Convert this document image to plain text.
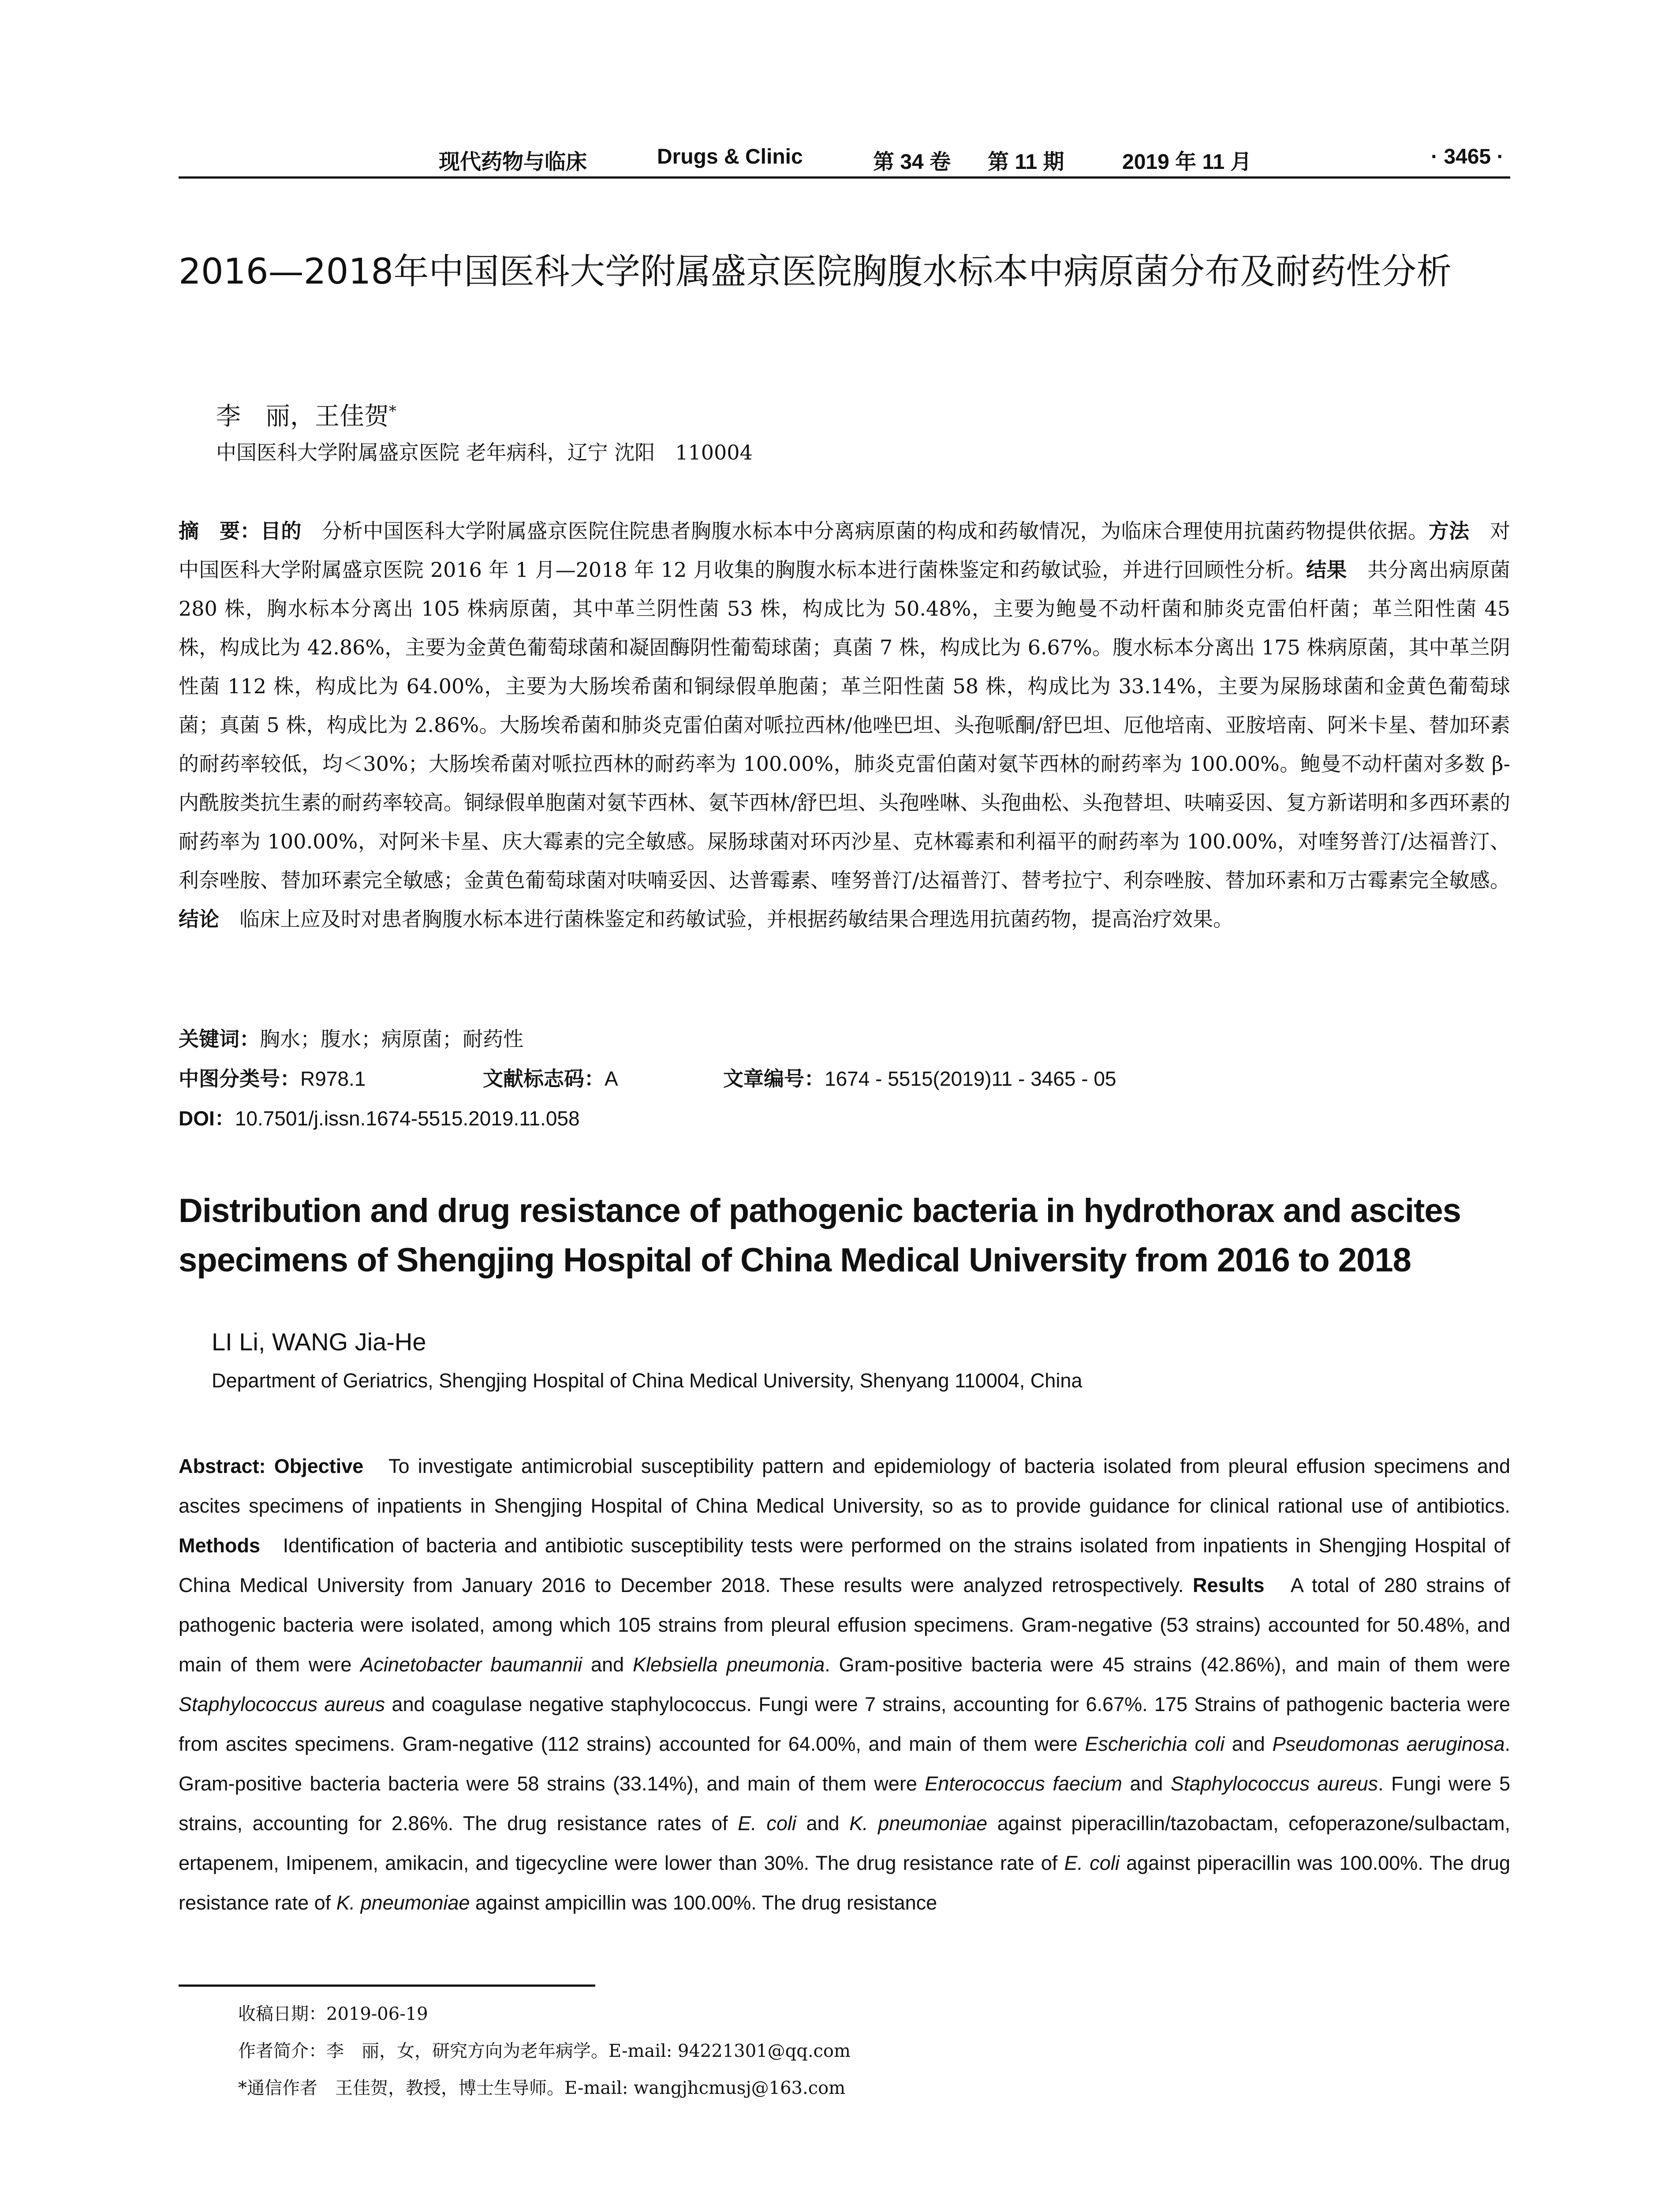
现代药物与临床	Drugs & Clinic	第 34 卷 第 11 期	2019 年 11 月	· 3465 ·
2016—2018年中国医科大学附属盛京医院胸腹水标本中病原菌分布及耐药性分析
李　丽，王佳贺*
中国医科大学附属盛京医院 老年病科，辽宁 沈阳　110004
摘　要：目的　分析中国医科大学附属盛京医院住院患者胸腹水标本中分离病原菌的构成和药敏情况，为临床合理使用抗菌药物提供依据。方法　对中国医科大学附属盛京医院 2016 年 1 月—2018 年 12 月收集的胸腹水标本进行菌株鉴定和药敏试验，并进行回顾性分析。结果　共分离出病原菌 280 株，胸水标本分离出 105 株病原菌，其中革兰阴性菌 53 株，构成比为 50.48%，主要为鲍曼不动杆菌和肺炎克雷伯杆菌；革兰阳性菌 45 株，构成比为 42.86%，主要为金黄色葡萄球菌和凝固酶阴性葡萄球菌；真菌 7 株，构成比为 6.67%。腹水标本分离出 175 株病原菌，其中革兰阴性菌 112 株，构成比为 64.00%，主要为大肠埃希菌和铜绿假单胞菌；革兰阳性菌 58 株，构成比为 33.14%，主要为屎肠球菌和金黄色葡萄球菌；真菌 5 株，构成比为 2.86%。大肠埃希菌和肺炎克雷伯菌对哌拉西林/他唑巴坦、头孢哌酮/舒巴坦、厄他培南、亚胺培南、阿米卡星、替加环素的耐药率较低，均＜30%；大肠埃希菌对哌拉西林的耐药率为 100.00%，肺炎克雷伯菌对氨苄西林的耐药率为 100.00%。鲍曼不动杆菌对多数 β-内酰胺类抗生素的耐药率较高。铜绿假单胞菌对氨苄西林、氨苄西林/舒巴坦、头孢唑啉、头孢曲松、头孢替坦、呋喃妥因、复方新诺明和多西环素的耐药率为 100.00%，对阿米卡星、庆大霉素的完全敏感。屎肠球菌对环丙沙星、克林霉素和利福平的耐药率为 100.00%，对喹努普汀/达福普汀、利奈唑胺、替加环素完全敏感；金黄色葡萄球菌对呋喃妥因、达普霉素、喹努普汀/达福普汀、替考拉宁、利奈唑胺、替加环素和万古霉素完全敏感。结论　临床上应及时对患者胸腹水标本进行菌株鉴定和药敏试验，并根据药敏结果合理选用抗菌药物，提高治疗效果。
关键词：胸水；腹水；病原菌；耐药性
中图分类号：R978.1	文献标志码：A	文章编号：1674 - 5515(2019)11 - 3465 - 05
DOI：10.7501/j.issn.1674-5515.2019.11.058
Distribution and drug resistance of pathogenic bacteria in hydrothorax and ascites specimens of Shengjing Hospital of China Medical University from 2016 to 2018
LI Li, WANG Jia-He
Department of Geriatrics, Shengjing Hospital of China Medical University, Shenyang 110004, China
Abstract: Objective To investigate antimicrobial susceptibility pattern and epidemiology of bacteria isolated from pleural effusion specimens and ascites specimens of inpatients in Shengjing Hospital of China Medical University, so as to provide guidance for clinical rational use of antibiotics. Methods Identification of bacteria and antibiotic susceptibility tests were performed on the strains isolated from inpatients in Shengjing Hospital of China Medical University from January 2016 to December 2018. These results were analyzed retrospectively. Results A total of 280 strains of pathogenic bacteria were isolated, among which 105 strains from pleural effusion specimens. Gram-negative (53 strains) accounted for 50.48%, and main of them were Acinetobacter baumannii and Klebsiella pneumonia. Gram-positive bacteria were 45 strains (42.86%), and main of them were Staphylococcus aureus and coagulase negative staphylococcus. Fungi were 7 strains, accounting for 6.67%. 175 Strains of pathogenic bacteria were from ascites specimens. Gram-negative (112 strains) accounted for 64.00%, and main of them were Escherichia coli and Pseudomonas aeruginosa. Gram-positive bacteria bacteria were 58 strains (33.14%), and main of them were Enterococcus faecium and Staphylococcus aureus. Fungi were 5 strains, accounting for 2.86%. The drug resistance rates of E. coli and K. pneumoniae against piperacillin/tazobactam, cefoperazone/sulbactam, ertapenem, Imipenem, amikacin, and tigecycline were lower than 30%. The drug resistance rate of E. coli against piperacillin was 100.00%. The drug resistance rate of K. pneumoniae against ampicillin was 100.00%. The drug resistance
收稿日期：2019-06-19
作者简介：李　丽，女，研究方向为老年病学。E-mail: 94221301@qq.com
*通信作者　王佳贺，教授，博士生导师。E-mail: wangjhcmusj@163.com
